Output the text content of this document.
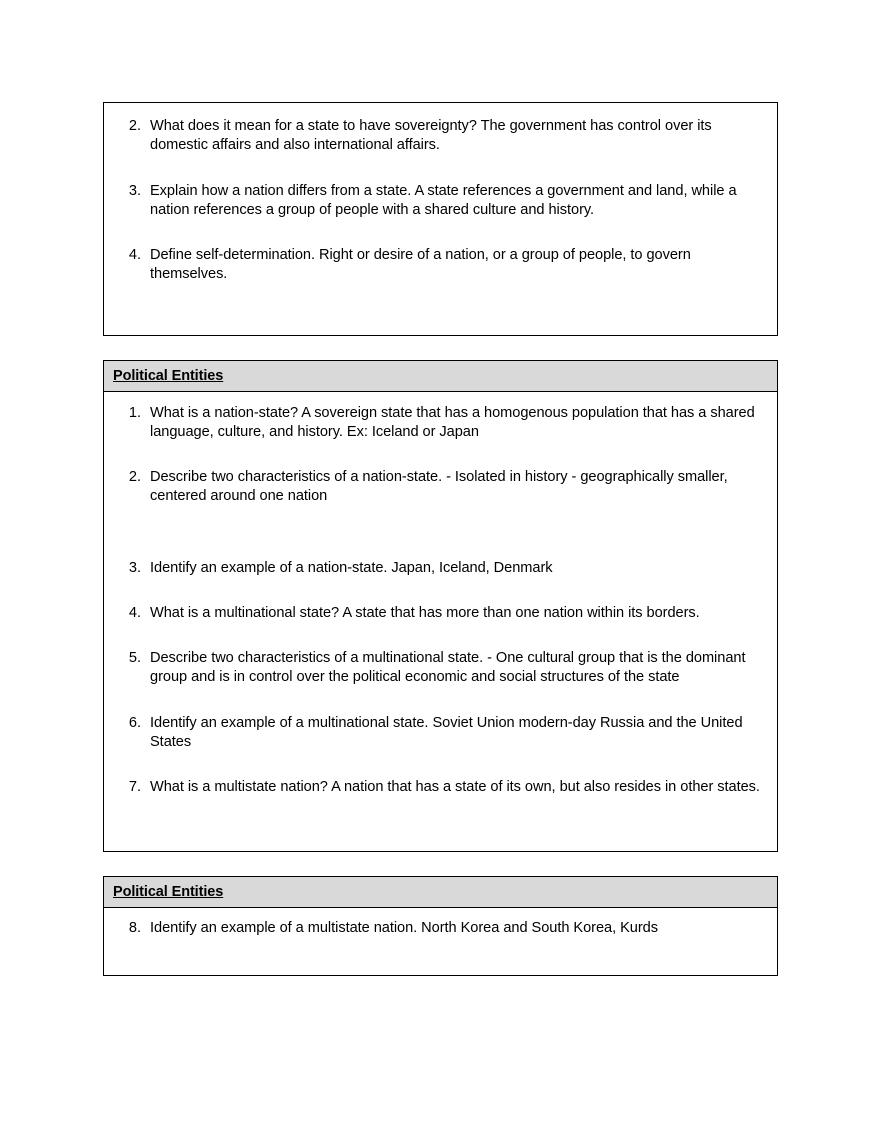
2. What does it mean for a state to have sovereignty? The government has control over its domestic affairs and also international affairs.
3. Explain how a nation differs from a state. A state references a government and land, while a nation references a group of people with a shared culture and history.
4. Define self-determination. Right or desire of a nation, or a group of people, to govern themselves.
Political Entities
1. What is a nation-state? A sovereign state that has a homogenous population that has a shared language, culture, and history. Ex: Iceland or Japan
2. Describe two characteristics of a nation-state. - Isolated in history - geographically smaller, centered around one nation
3. Identify an example of a nation-state. Japan, Iceland, Denmark
4. What is a multinational state? A state that has more than one nation within its borders.
5. Describe two characteristics of a multinational state. - One cultural group that is the dominant group and is in control over the political economic and social structures of the state
6. Identify an example of a multinational state. Soviet Union modern-day Russia and the United States
7. What is a multistate nation? A nation that has a state of its own, but also resides in other states.
Political Entities
8. Identify an example of a multistate nation. North Korea and South Korea, Kurds
